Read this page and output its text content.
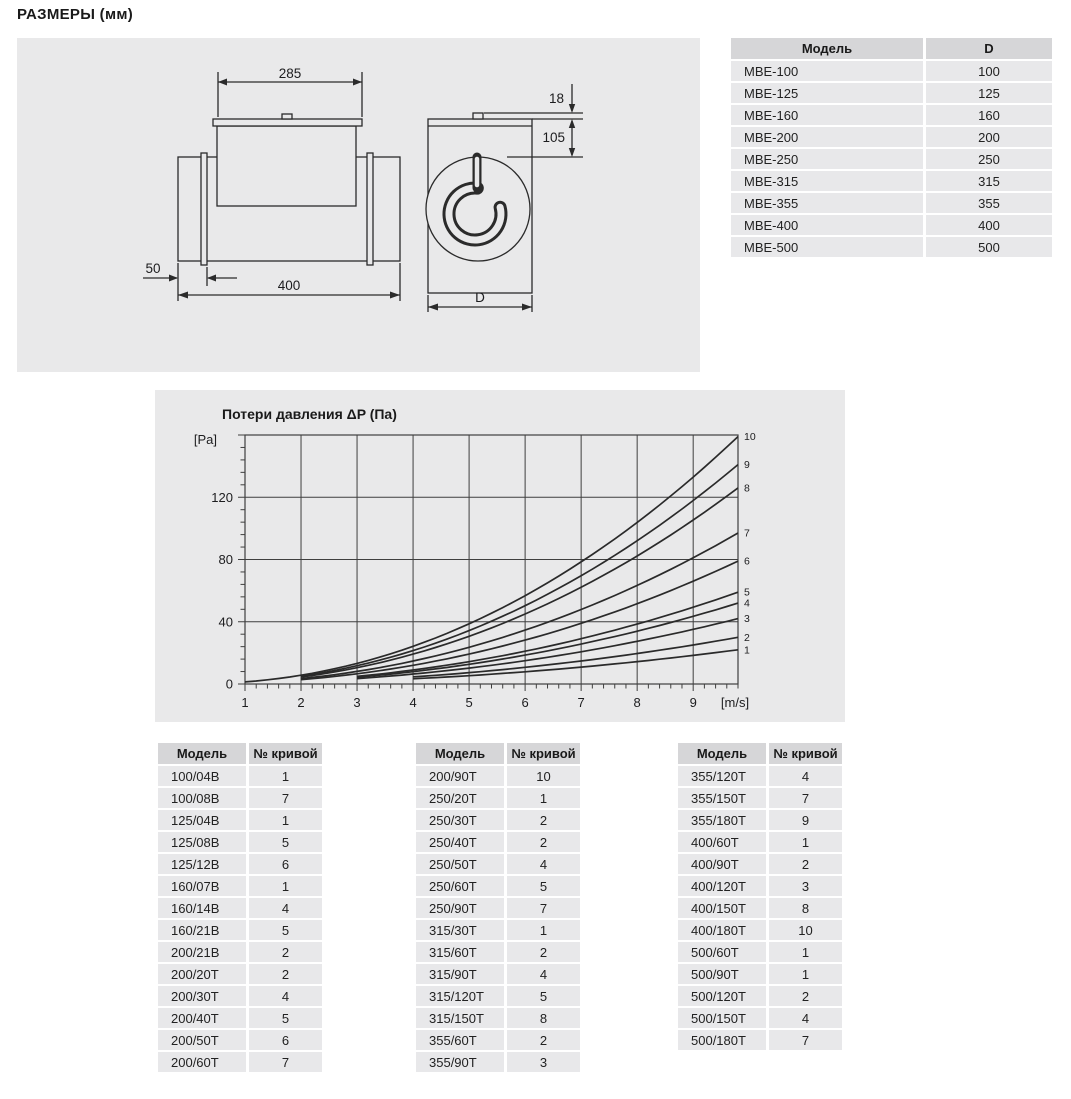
РАЗМЕРЫ (мм)
285
50
400
18
105
D
Модель	D
MBE-100	100
MBE-125	125
MBE-160	160
MBE-200	200
MBE-250	250
MBE-315	315
MBE-355	355
MBE-400	400
MBE-500	500
Потери давления ΔP (Па)
1	2	3	4	5	6	7	8	9
0
40
80
120
[m/s]
[Pa]
1
2
3
4
5
6
7
8
9
10
Модель	№ кривой
100/04B	1
100/08B	7
125/04B	1
125/08B	5
125/12B	6
160/07B	1
160/14B	4
160/21B	5
200/21B	2
200/20T	2
200/30T	4
200/40T	5
200/50T	6
200/60T	7
Модель	№ кривой
200/90T	10
250/20T	1
250/30T	2
250/40T	2
250/50T	4
250/60T	5
250/90T	7
315/30T	1
315/60T	2
315/90T	4
315/120T	5
315/150T	8
355/60T	2
355/90T	3
Модель	№ кривой
355/120T	4
355/150T	7
355/180T	9
400/60T	1
400/90T	2
400/120T	3
400/150T	8
400/180T	10
500/60T	1
500/90T	1
500/120T	2
500/150T	4
500/180T	7
